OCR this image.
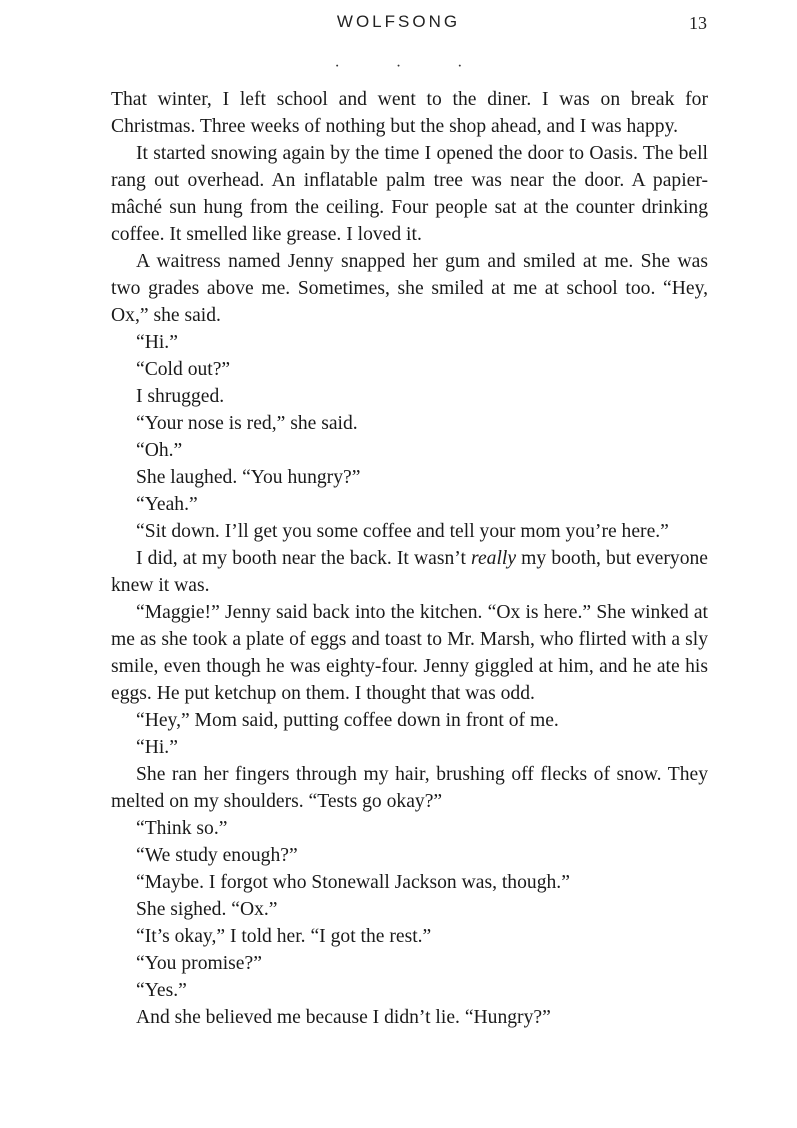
WOLFSONG	13
· · ·

That winter, I left school and went to the diner. I was on break for Christmas. Three weeks of nothing but the shop ahead, and I was happy.

It started snowing again by the time I opened the door to Oasis. The bell rang out overhead. An inflatable palm tree was near the door. A papier-mâché sun hung from the ceiling. Four people sat at the counter drinking coffee. It smelled like grease. I loved it.

A waitress named Jenny snapped her gum and smiled at me. She was two grades above me. Sometimes, she smiled at me at school too. “Hey, Ox,” she said.

“Hi.”

“Cold out?”

I shrugged.

“Your nose is red,” she said.

“Oh.”

She laughed. “You hungry?”

“Yeah.”

“Sit down. I’ll get you some coffee and tell your mom you’re here.”

I did, at my booth near the back. It wasn’t really my booth, but everyone knew it was.

“Maggie!” Jenny said back into the kitchen. “Ox is here.” She winked at me as she took a plate of eggs and toast to Mr. Marsh, who flirted with a sly smile, even though he was eighty-four. Jenny giggled at him, and he ate his eggs. He put ketchup on them. I thought that was odd.

“Hey,” Mom said, putting coffee down in front of me.

“Hi.”

She ran her fingers through my hair, brushing off flecks of snow. They melted on my shoulders. “Tests go okay?”

“Think so.”

“We study enough?”

“Maybe. I forgot who Stonewall Jackson was, though.”

She sighed. “Ox.”

“It’s okay,” I told her. “I got the rest.”

“You promise?”

“Yes.”

And she believed me because I didn’t lie. “Hungry?”
